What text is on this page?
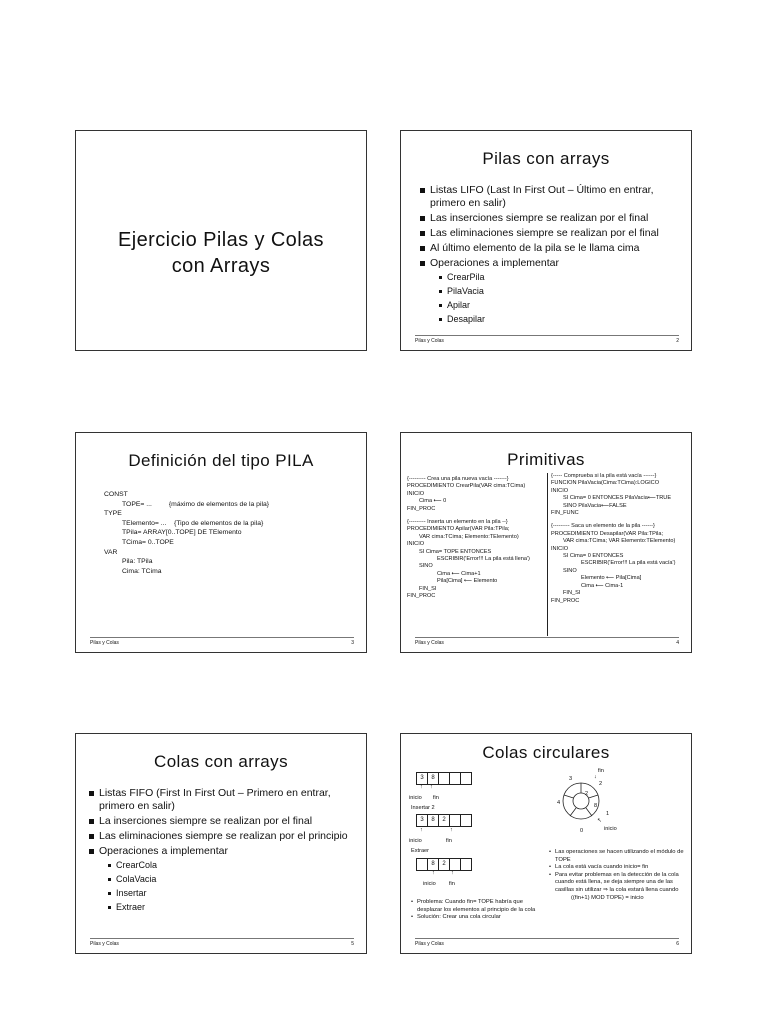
Ejercicio Pilas y Colas
con Arrays
Pilas con arrays
Listas LIFO (Last In First Out – Último en entrar, primero en salir)
Las inserciones siempre se realizan por el final
Las eliminaciones siempre se realizan por el final
Al último elemento de la pila se le llama cima
Operaciones a implementar
CrearPila
PilaVacia
Apilar
Desapilar
Pilas y Colas	2
Definición del tipo PILA
CONST
TOPE= ...         {máximo de elementos de la pila}
TYPE
TElemento= ...    {Tipo de elementos de la pila}
TPila= ARRAY[0..TOPE] DE TElemento
TCima= 0..TOPE
VAR
Pila: TPila
Cima: TCima
Pilas y Colas	3
Primitivas
{--------- Crea una pila nueva vacía -------}
PROCEDIMIENTO CrearPila(VAR cima:TCima)
INICIO
Cima ⟵ 0
FIN_PROC
{--------- Inserta un elemento en la pila --}
PROCEDIMIENTO Apilar(VAR Pila:TPila;
VAR cima:TCima; Elemento:TElemento)
INICIO
SI Cima= TOPE ENTONCES
ESCRIBIR('Error!!! La pila está llena')
SINO
Cima ⟵ Cima+1
Pila[Cima] ⟵ Elemento
FIN_SI
FIN_PROC
{----- Comprueba si la pila está vacía ------}
FUNCION PilaVacia(Cima:TCima):LOGICO
INICIO
SI Cima= 0 ENTONCES PilaVacia⟵TRUE
SINO PilaVacia⟵FALSE
FIN_FUNC
{--------- Saca un elemento de la pila ------}
PROCEDIMIENTO Desapilar(VAR Pila:TPila;
VAR cima:TCima; VAR Elemento:TElemento)
INICIO
SI Cima= 0 ENTONCES
ESCRIBIR('Error!!! La pila está vacía')
SINO
Elemento ⟵ Pila[Cima]
Cima ⟵ Cima-1
FIN_SI
FIN_PROC
Pilas y Colas	4
Colas con arrays
Listas FIFO (First In First Out – Primero en entrar, primero en salir)
La inserciones siempre se realizan por el final
Las eliminaciones siempre se realizan por el principio
Operaciones a implementar
CrearCola
ColaVacia
Insertar
Extraer
Pilas y Colas	5
Colas circulares
3	8
↑ ↑
inicio fin
Insertar 2
3	8	2
↑	↑
inicio	fin
Extraer
8	2
↑	↑
inicio fin
• Problema: Cuando fin= TOPE habría que desplazar los elementos al principio de la cola
• Solución: Crear una cola circular
3	↓
fin
2
2
8
4
1
↖
inicio
0
• Las operaciones se hacen utilizando el módulo de TOPE
• La cola está vacía cuando inicio= fin
• Para evitar problemas en la detección de la cola cuando está llena, se deja siempre una de las casillas sin utilizar ⇒ la cola estará llena cuando
((fin+1) MOD TOPE) = inicio
Pilas y Colas	6
